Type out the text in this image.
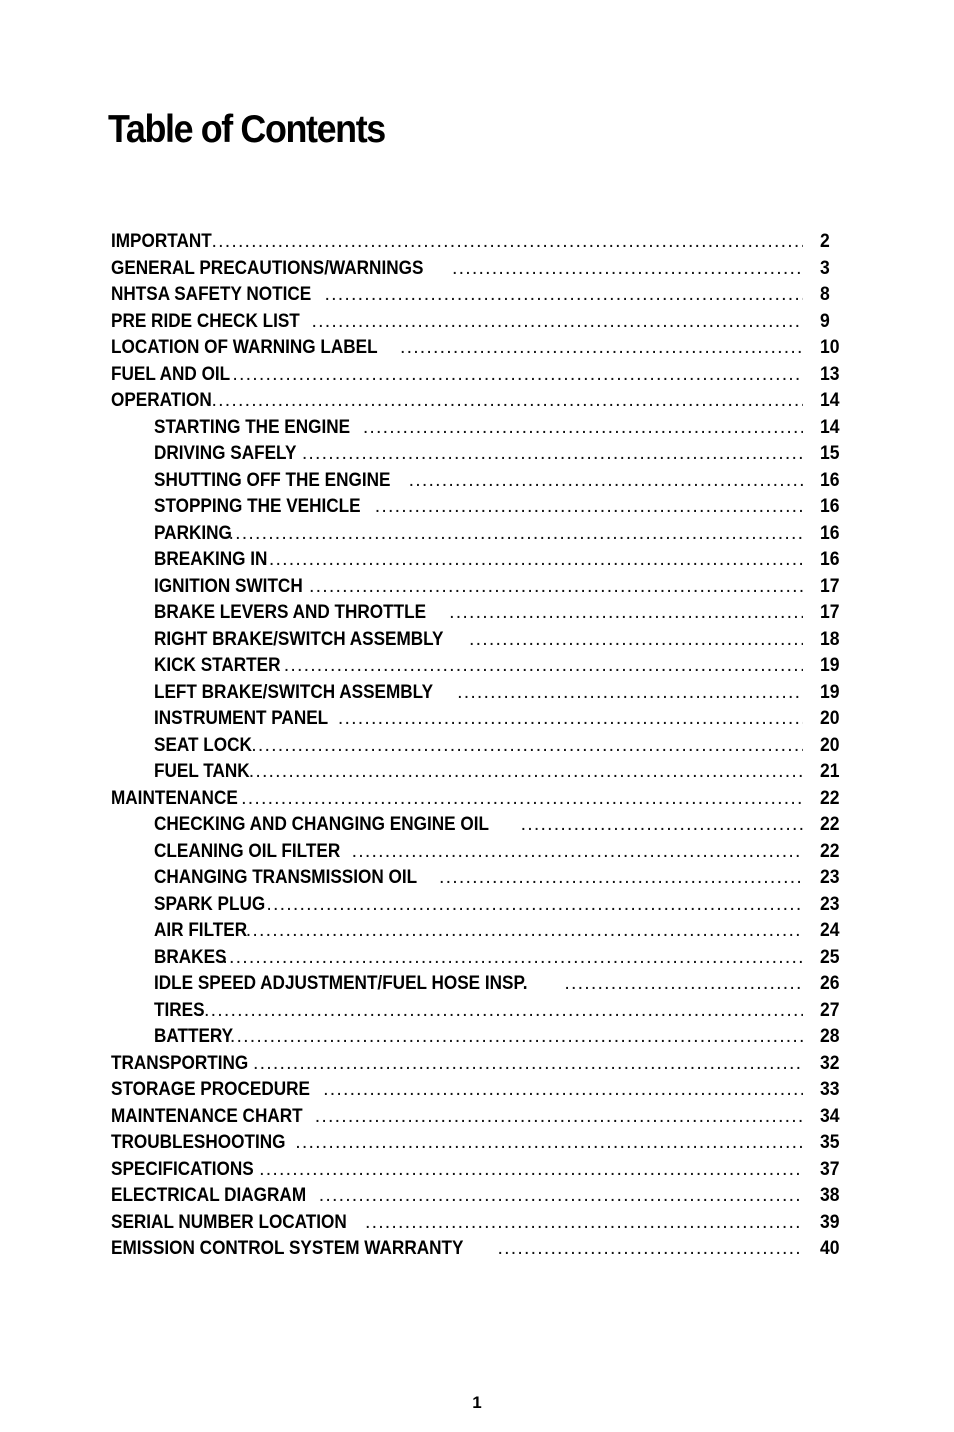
Table of Contents
IMPORTANT .....	2
GENERAL PRECAUTIONS/WARNINGS .....	3
NHTSA SAFETY NOTICE .....	8
PRE RIDE CHECK LIST .....	9
LOCATION OF WARNING LABEL .....	10
FUEL AND OIL .....	13
OPERATION .....	14
STARTING THE ENGINE .....	14
DRIVING SAFELY .....	15
SHUTTING OFF THE ENGINE .....	16
STOPPING THE VEHICLE .....	16
PARKING .....	16
BREAKING IN .....	16
IGNITION SWITCH .....	17
BRAKE LEVERS AND THROTTLE .....	17
RIGHT BRAKE/SWITCH ASSEMBLY .....	18
KICK STARTER .....	19
LEFT BRAKE/SWITCH ASSEMBLY .....	19
INSTRUMENT PANEL .....	20
SEAT LOCK .....	20
FUEL TANK .....	21
MAINTENANCE .....	22
CHECKING AND CHANGING ENGINE OIL .....	22
CLEANING OIL FILTER .....	22
CHANGING TRANSMISSION OIL .....	23
SPARK PLUG .....	23
AIR FILTER .....	24
BRAKES .....	25
IDLE SPEED ADJUSTMENT/FUEL HOSE INSP. .....	26
TIRES .....	27
BATTERY .....	28
TRANSPORTING .....	32
STORAGE PROCEDURE .....	33
MAINTENANCE CHART .....	34
TROUBLESHOOTING .....	35
SPECIFICATIONS .....	37
ELECTRICAL DIAGRAM .....	38
SERIAL NUMBER LOCATION .....	39
EMISSION CONTROL SYSTEM WARRANTY .....	40
1
